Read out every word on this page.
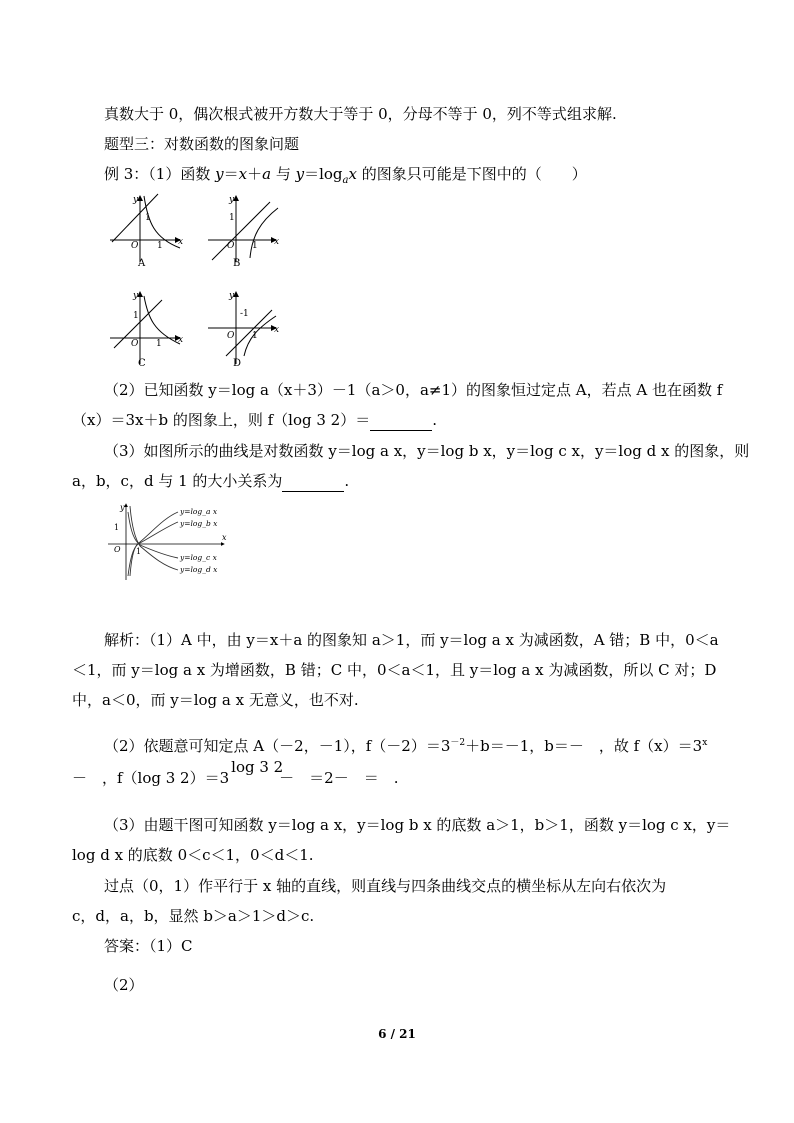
真数大于 0，偶次根式被开方数大于等于 0，分母不等于 0，列不等式组求解.
题型三：对数函数的图象问题
例 3：（1）函数 y＝x＋a 与 $y=\log_ax$ 的图象只可能是下图中的（　　）
x
y
O
1
1
A
x
y
O
1
1
B
x
y
O
1
1
C
x
y
O
-1
1
D
（2）已知函数 y＝log a（x＋3）－1（a＞0，a≠1）的图象恒过定点 A，若点 A 也在函数 f
（x）＝3x＋b 的图象上，则 f（log 3 2）＝	.
（3）如图所示的曲线是对数函数 y＝log a x，y＝log b x，y＝log c x，y＝log d x 的图象，则
a，b，c，d 与 1 的大小关系为	.
y
x
1
O 1
y=log_a x
y=log_b x
y=log_c x
y=log_d x
解析：（1）A 中，由 y＝x＋a 的图象知 a＞1，而 y＝log a x 为减函数，A 错；B 中，0＜a
＜1，而 y＝log a x 为增函数，B 错；C 中，0＜a＜1，且 y＝log a x 为减函数，所以 C 对；D
中，a＜0，而 y＝log a x 无意义，也不对.
（2）依题意可知定点 A（－2，－1），$f(-2)=3^{-2}+b=-1$，b＝－　，故 $f(x)=3^x$
－　，f（log 3 2）＝3
log 3 2
－　＝2－　＝　.
（3）由题干图可知函数 y＝log a x，y＝log b x 的底数 a＞1，b＞1，函数 y＝log c x，y＝
log d x 的底数 0＜c＜1，0＜d＜1.
过点（0，1）作平行于 x 轴的直线，则直线与四条曲线交点的横坐标从左向右依次为
c，d，a，b，显然 b＞a＞1＞d＞c.
答案：（1）C
（2）
6 / 21
